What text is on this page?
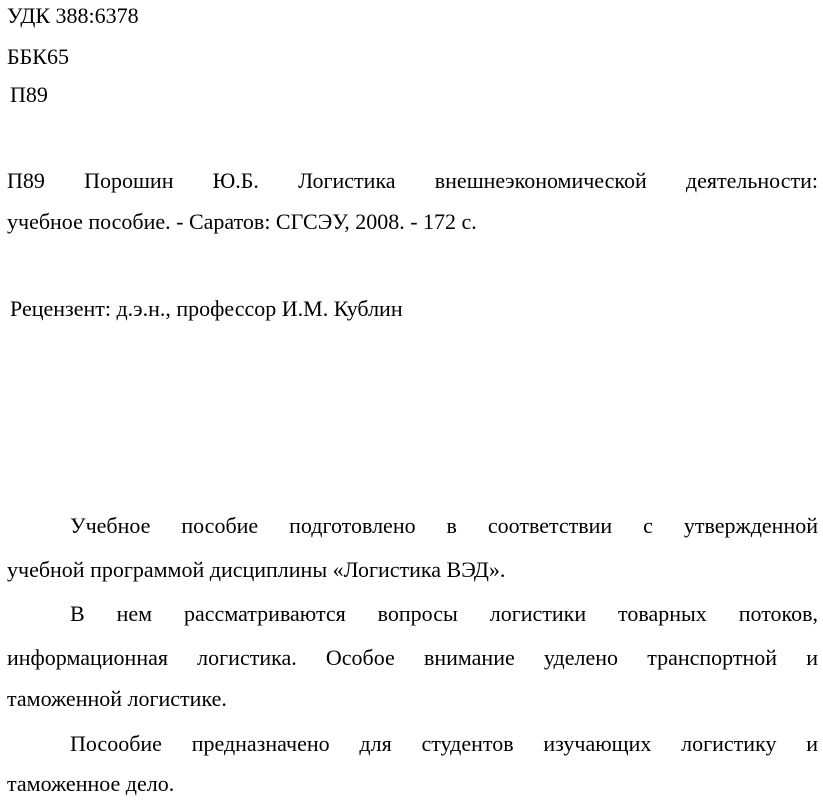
УДК 388:6378
ББК65
П89
П89 Порошин Ю.Б. Логистика внешнеэкономической деятельности:
учебное пособие. - Саратов: СГСЭУ, 2008. - 172 с.
Рецензент: д.э.н., профессор И.М. Кублин
Учебное пособие подготовлено в соответствии с утвержденной
учебной программой дисциплины «Логистика ВЭД».
В нем рассматриваются вопросы логистики товарных потоков,
информационная логистика. Особое внимание уделено транспортной и
таможенной логистике.
Посообие предназначено для студентов изучающих логистику и
таможенное дело.
